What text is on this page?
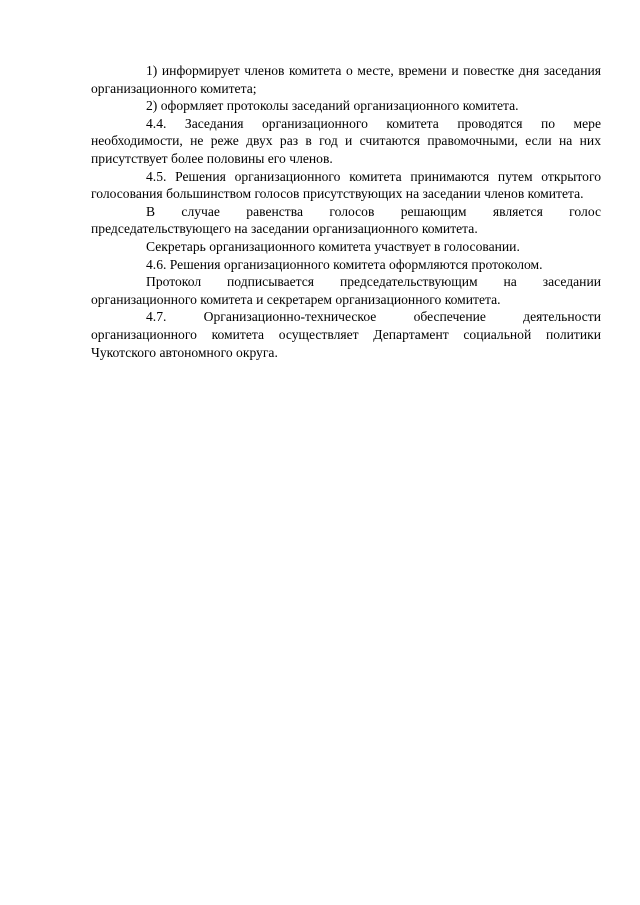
1) информирует членов комитета о месте, времени и повестке дня заседания организационного комитета;

2) оформляет протоколы заседаний организационного комитета.

4.4. Заседания организационного комитета проводятся по мере необходимости, не реже двух раз в год и считаются правомочными, если на них присутствует более половины его членов.

4.5. Решения организационного комитета принимаются путем открытого голосования большинством голосов присутствующих на заседании членов комитета.

В случае равенства голосов решающим является голос председательствующего на заседании организационного комитета.

Секретарь организационного комитета участвует в голосовании.

4.6. Решения организационного комитета оформляются протоколом.

Протокол подписывается председательствующим на заседании организационного комитета и секретарем организационного комитета.

4.7. Организационно-техническое обеспечение деятельности организационного комитета осуществляет Департамент социальной политики Чукотского автономного округа.
